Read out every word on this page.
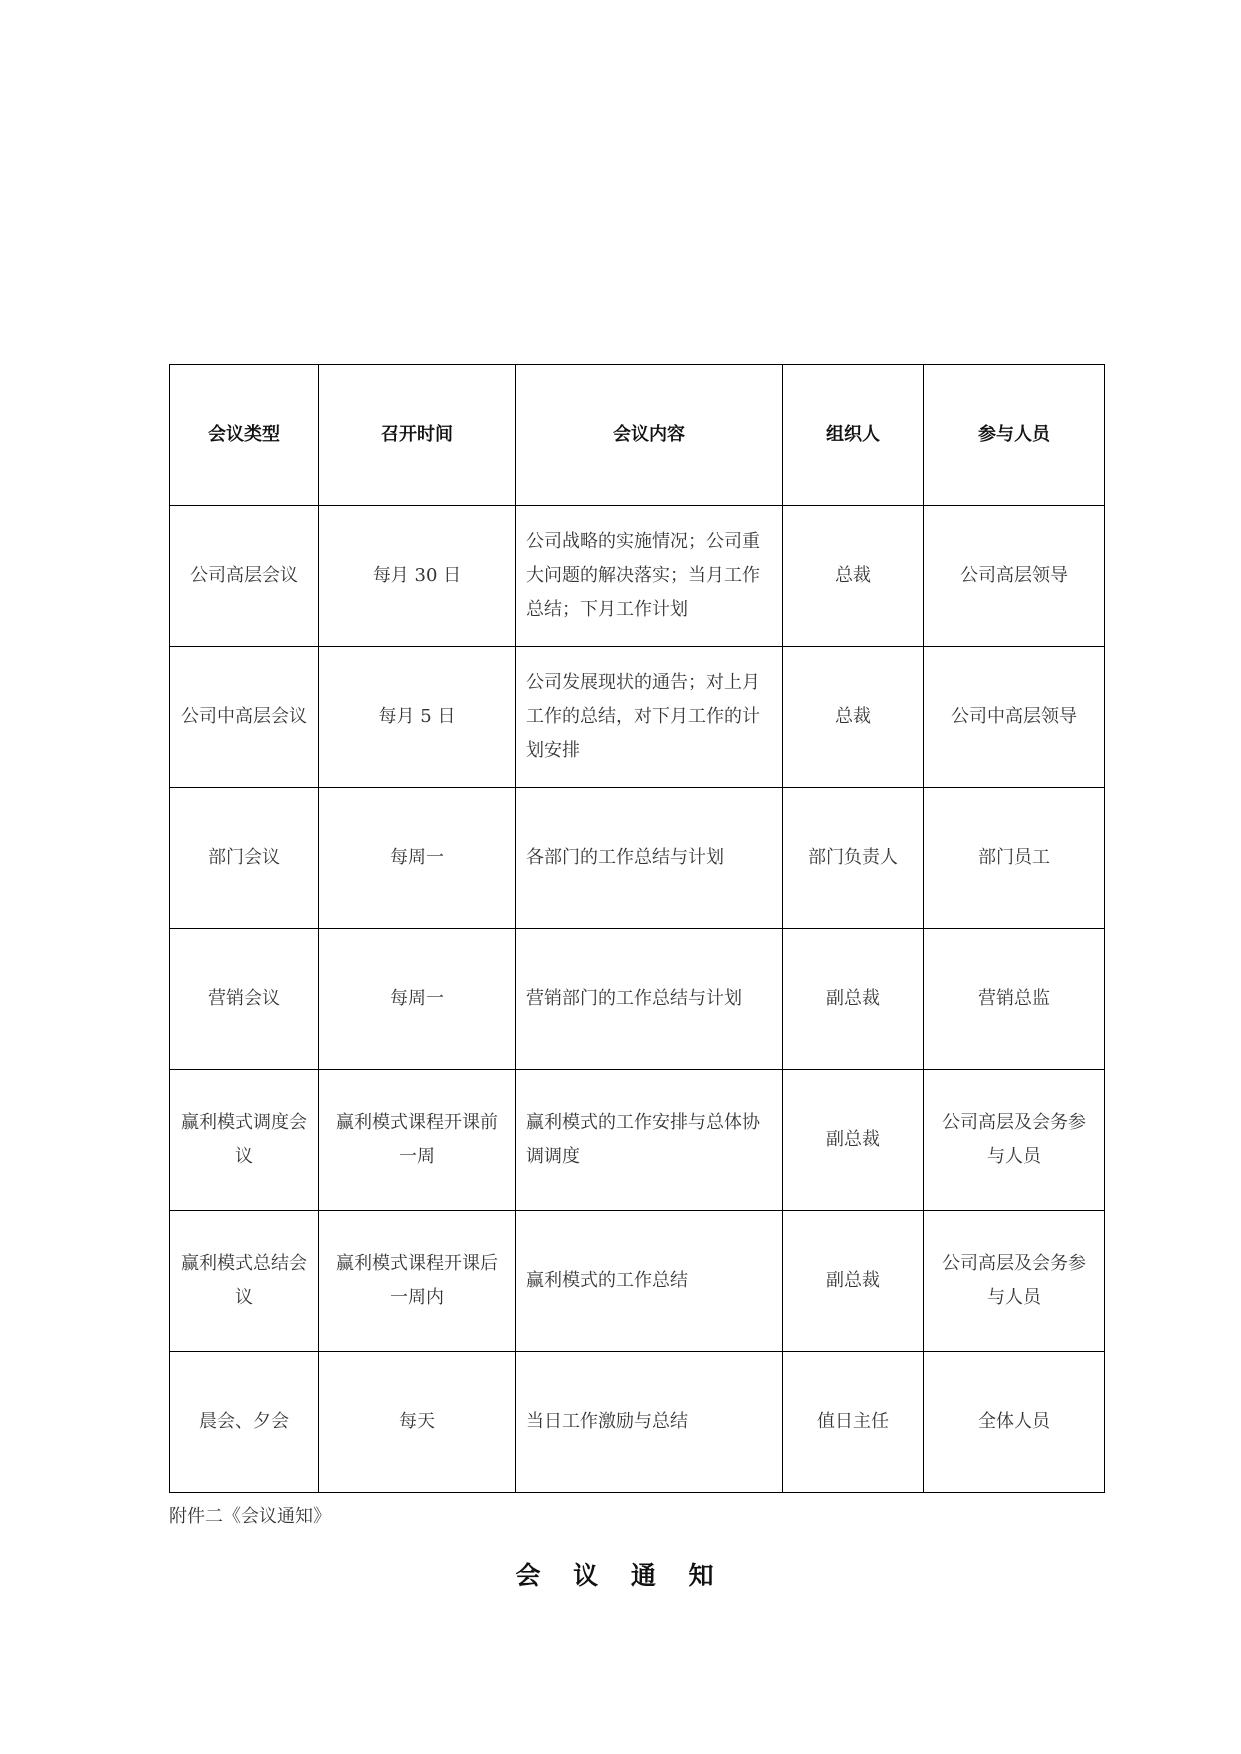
会议类型	召开时间	会议内容	组织人	参与人员
公司高层会议	每月 30 日	公司战略的实施情况；公司重大问题的解决落实；当月工作总结；下月工作计划	总裁	公司高层领导
公司中高层会议	每月 5 日	公司发展现状的通告；对上月工作的总结，对下月工作的计划安排	总裁	公司中高层领导
部门会议	每周一	各部门的工作总结与计划	部门负责人	部门员工
营销会议	每周一	营销部门的工作总结与计划	副总裁	营销总监
赢利模式调度会议	赢利模式课程开课前一周	赢利模式的工作安排与总体协调调度	副总裁	公司高层及会务参与人员
赢利模式总结会议	赢利模式课程开课后一周内	赢利模式的工作总结	副总裁	公司高层及会务参与人员
晨会、夕会	每天	当日工作激励与总结	值日主任	全体人员
附件二《会议通知》
会 议 通 知
